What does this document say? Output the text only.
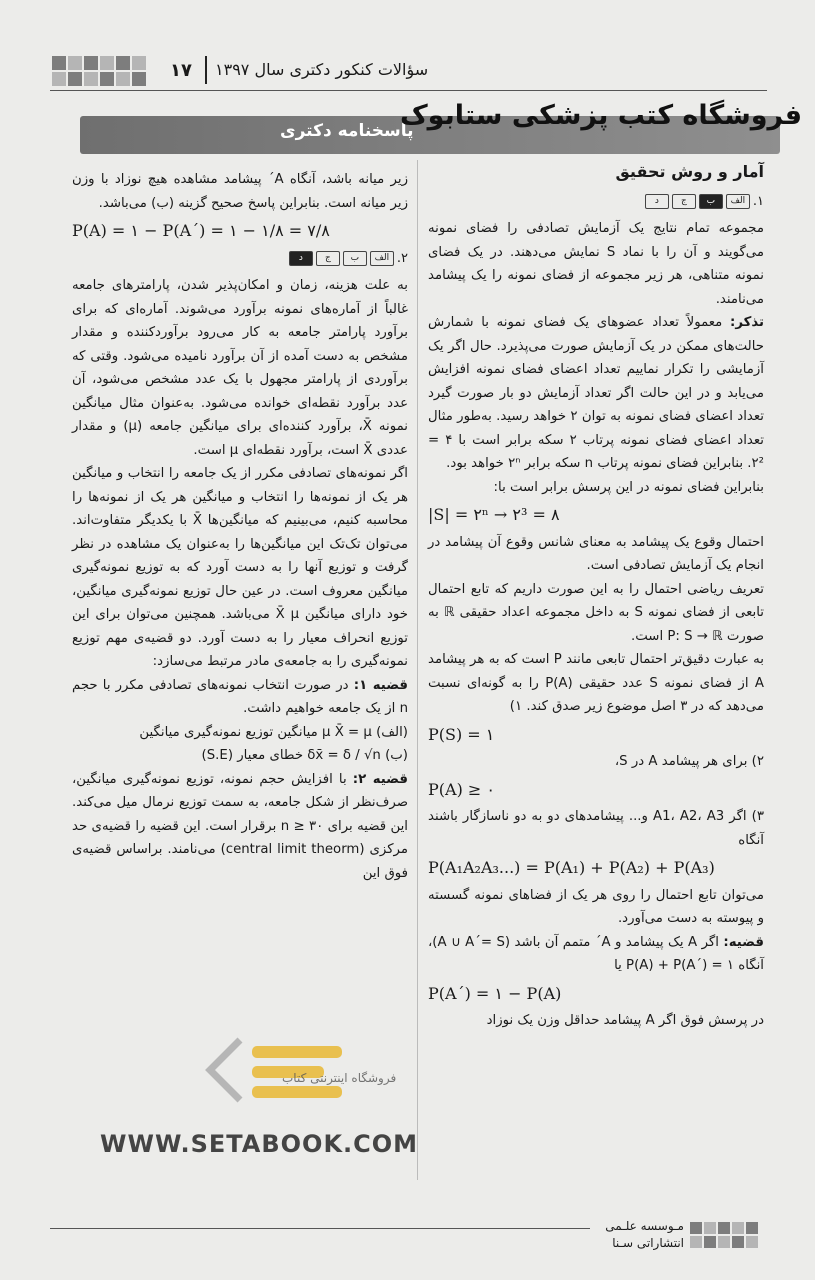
۱۷ سؤالات کنکور دکتری سال ۱۳۹۷
پاسخنامه دکتری
فروشگاه کتب پزشکی ستابوک

آمار و روش تحقیق

۱.
الف
ب
ج
د

مجموعه تمام نتایج یک آزمایش تصادفی را فضای نمونه می‌گویند و آن را با نماد S نمایش می‌دهند. در یک فضای نمونه متناهی، هر زیر مجموعه از فضای نمونه را یک پیشامد می‌نامند.

تذکر: معمولاً تعداد عضوهای یک فضای نمونه با شمارش حالت‌های ممکن در یک آزمایش صورت می‌پذیرد. حال اگر یک آزمایشی را تکرار نماییم تعداد اعضای فضای نمونه افزایش می‌یابد و در این حالت اگر تعداد آزمایش دو بار صورت گیرد تعداد اعضای فضای نمونه به توان ۲ خواهد رسید. به‌طور مثال تعداد اعضای فضای نمونه پرتاب ۲ سکه برابر است با ۴ = ۲². بنابراین فضای نمونه پرتاب n سکه برابر ۲ⁿ خواهد بود.

بنابراین فضای نمونه در این پرسش برابر است با:

|S| = ۲ⁿ → ۲³ = ۸

احتمال وقوع یک پیشامد به معنای شانس وقوع آن پیشامد در انجام یک آزمایش تصادفی است.

تعریف ریاضی احتمال را به این صورت داریم که تابع احتمال تابعی از فضای نمونه S به داخل مجموعه اعداد حقیقی ℝ به صورت P: S → ℝ است.

به عبارت دقیق‌تر احتمال تابعی مانند P است که به هر پیشامد A از فضای نمونه S عدد حقیقی P(A) را به گونه‌ای نسبت می‌دهد که در ۳ اصل موضوع زیر صدق کند. ۱)

P(S) = ۱

۲) برای هر پیشامد A در S،

P(A) ≥ ۰

۳) اگر A1، A2، A3 و... پیشامدهای دو به دو ناسازگار باشند آنگاه

P(A₁A₂A₃...) = P(A₁) + P(A₂) + P(A₃)

می‌توان تابع احتمال را روی هر یک از فضاهای نمونه گسسته و پیوسته به دست می‌آورد.

قضیه: اگر A یک پیشامد و A´ متمم آن باشد (A ∪ A´= S)، آنگاه P(A) + P(A´) = ۱ یا

P(A´) = ۱ − P(A)

در پرسش فوق اگر A پیشامد حداقل وزن یک نوزاد

زیر میانه باشد، آنگاه A´ پیشامد مشاهده هیچ نوزاد با وزن زیر میانه است. بنابراین پاسخ صحیح گزینه (ب) می‌باشد.

P(A) = ۱ − P(A´) = ۱ − ۱/۸ = ۷/۸

۲.
الف
ب
ج
د

به علت هزینه، زمان و امکان‌پذیر شدن، پارامترهای جامعه غالباً از آماره‌های نمونه برآورد می‌شوند. آماره‌ای که برای برآورد پارامتر جامعه به کار می‌رود برآوردکننده و مقدار مشخص به دست آمده از آن برآورد نامیده می‌شود. وقتی که برآوردی از پارامتر مجهول با یک عدد مشخص می‌شود، آن عدد برآورد نقطه‌ای خوانده می‌شود. به‌عنوان مثال میانگین نمونه X̄، برآورد کننده‌ای برای میانگین جامعه (μ) و مقدار عددی X̄ است، برآورد نقطه‌ای μ است.

اگر نمونه‌های تصادفی مکرر از یک جامعه را انتخاب و میانگین هر یک از نمونه‌ها را انتخاب و میانگین هر یک از نمونه‌ها را محاسبه کنیم، می‌بینیم که میانگین‌ها X̄ با یکدیگر متفاوت‌اند. می‌توان تک‌تک این میانگین‌ها را به‌عنوان یک مشاهده در نظر گرفت و توزیع آنها را به دست آورد که به توزیع نمونه‌گیری میانگین معروف است. در عین حال توزیع نمونه‌گیری میانگین، خود دارای میانگین X̄ μ می‌باشد. همچنین می‌توان برای این توزیع انحراف معیار را به دست آورد. دو قضیه‌ی مهم توزیع نمونه‌گیری را به جامعه‌ی مادر مرتبط می‌سازد:

قضیه ۱: در صورت انتخاب نمونه‌های تصادفی مکرر با حجم n از یک جامعه خواهیم داشت.

(الف) μ X̄ = μ میانگین توزیع نمونه‌گیری میانگین

(ب) δx̄ = δ / √n خطای معیار (S.E)

قضیه ۲: با افزایش حجم نمونه، توزیع نمونه‌گیری میانگین، صرف‌نظر از شکل جامعه، به سمت توزیع نرمال میل می‌کند. این قضیه برای n ≥ ۳۰ برقرار است. این قضیه را قضیه‌ی حد مرکزی (central limit theorm) می‌نامند. براساس قضیه‌ی فوق این

فروشگاه اینترنتی کتاب
WWW.SETABOOK.COM
مـوسسه علـمی
انتشاراتی سـنا
